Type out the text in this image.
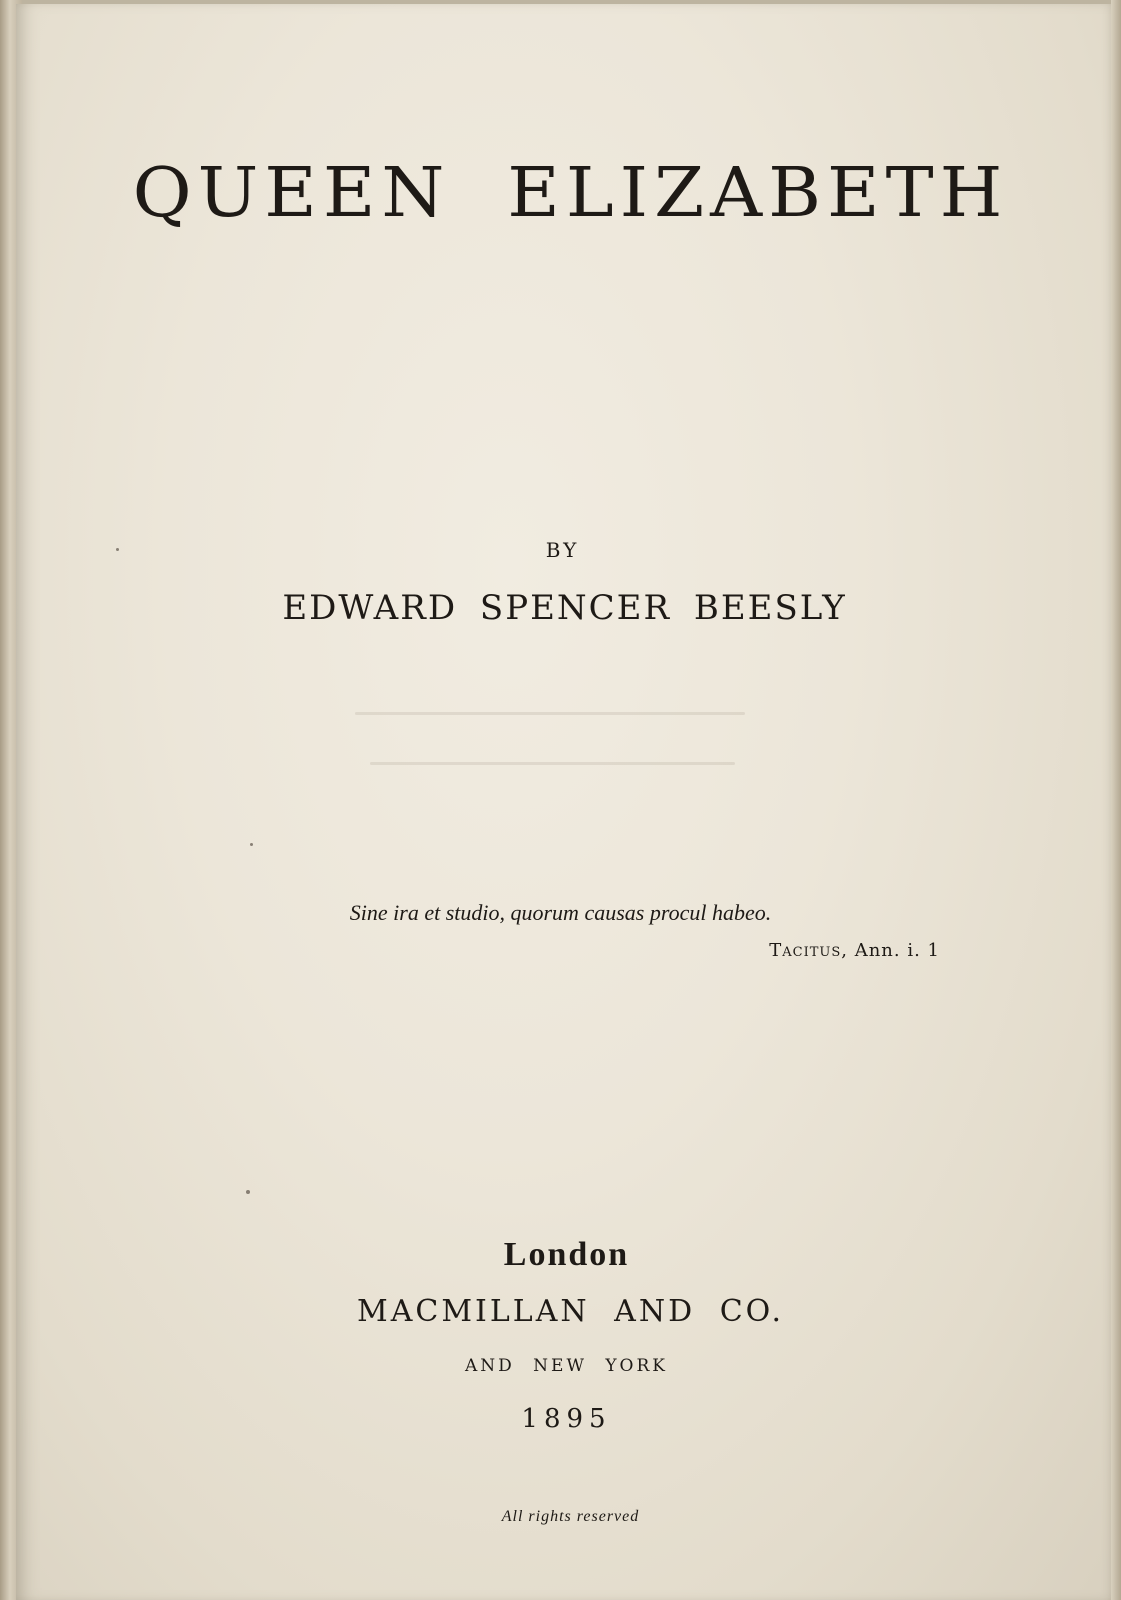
QUEEN ELIZABETH
BY
EDWARD SPENCER BEESLY
Sine ira et studio, quorum causas procul habeo.
Tacitus, Ann. i. 1
London
MACMILLAN AND CO.
AND NEW YORK
1895
All rights reserved
